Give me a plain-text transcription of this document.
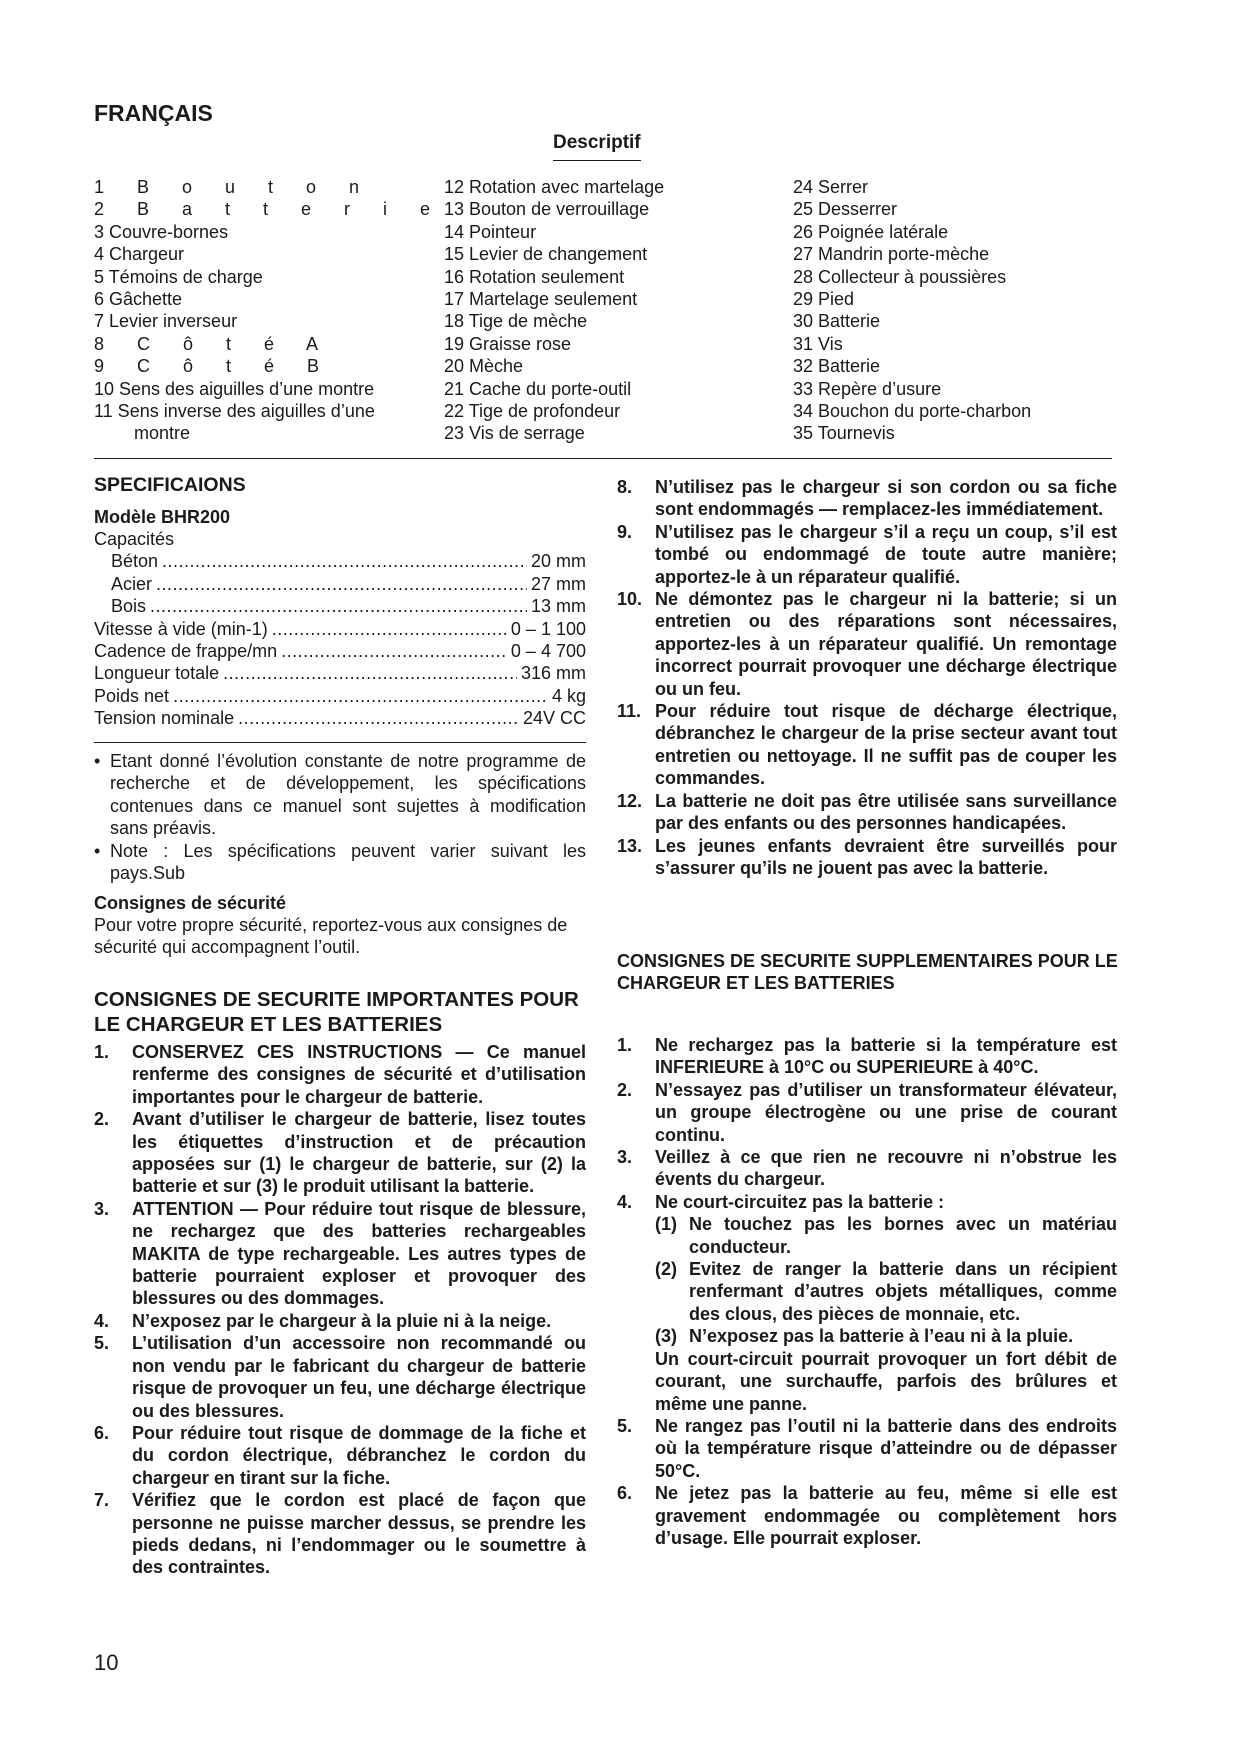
FRANÇAIS
Descriptif
1 B o u t o n
2 B a t t e r i e
3 Couvre-bornes
4 Chargeur
5 Témoins de charge
6 Gâchette
7 Levier inverseur
8 C ô t é A
9 C ô t é B
10 Sens des aiguilles d’une montre
11 Sens inverse des aiguilles d’une
montre
12 Rotation avec martelage
13 Bouton de verrouillage
14 Pointeur
15 Levier de changement
16 Rotation seulement
17 Martelage seulement
18 Tige de mèche
19 Graisse rose
20 Mèche
21 Cache du porte-outil
22 Tige de profondeur
23 Vis de serrage
24 Serrer
25 Desserrer
26 Poignée latérale
27 Mandrin porte-mèche
28 Collecteur à poussières
29 Pied
30 Batterie
31 Vis
32 Batterie
33 Repère d’usure
34 Bouchon du porte-charbon
35 Tournevis
SPECIFICAIONS
Modèle BHR200
Capacités
Béton .....	20 mm
Acier .....	27 mm
Bois .....	13 mm
Vitesse à vide (min-1) .....	0 – 1 100
Cadence de frappe/mn .....	0 – 4 700
Longueur totale .....	316 mm
Poids net .....	4 kg
Tension nominale .....	24V CC
• Etant donné l’évolution constante de notre programme de recherche et de développement, les spécifications contenues dans ce manuel sont sujettes à modification sans préavis.
• Note : Les spécifications peuvent varier suivant les pays.Sub
Consignes de sécurité
Pour votre propre sécurité, reportez-vous aux consignes de sécurité qui accompagnent l’outil.
CONSIGNES DE SECURITE IMPORTANTES POUR LE CHARGEUR ET LES BATTERIES
1. CONSERVEZ CES INSTRUCTIONS — Ce manuel renferme des consignes de sécurité et d’utilisation importantes pour le chargeur de batterie.
2. Avant d’utiliser le chargeur de batterie, lisez toutes les étiquettes d’instruction et de précaution apposées sur (1) le chargeur de batterie, sur (2) la batterie et sur (3) le produit utilisant la batterie.
3. ATTENTION — Pour réduire tout risque de blessure, ne rechargez que des batteries rechargeables MAKITA de type rechargeable. Les autres types de batterie pourraient exploser et provoquer des blessures ou des dommages.
4. N’exposez par le chargeur à la pluie ni à la neige.
5. L’utilisation d’un accessoire non recommandé ou non vendu par le fabricant du chargeur de batterie risque de provoquer un feu, une décharge électrique ou des blessures.
6. Pour réduire tout risque de dommage de la fiche et du cordon électrique, débranchez le cordon du chargeur en tirant sur la fiche.
7. Vérifiez que le cordon est placé de façon que personne ne puisse marcher dessus, se prendre les pieds dedans, ni l’endommager ou le soumettre à des contraintes.
8. N’utilisez pas le chargeur si son cordon ou sa fiche sont endommagés — remplacez-les immédiatement.
9. N’utilisez pas le chargeur s’il a reçu un coup, s’il est tombé ou endommagé de toute autre manière; apportez-le à un réparateur qualifié.
10. Ne démontez pas le chargeur ni la batterie; si un entretien ou des réparations sont nécessaires, apportez-les à un réparateur qualifié. Un remontage incorrect pourrait provoquer une décharge électrique ou un feu.
11. Pour réduire tout risque de décharge électrique, débranchez le chargeur de la prise secteur avant tout entretien ou nettoyage. Il ne suffit pas de couper les commandes.
12. La batterie ne doit pas être utilisée sans surveillance par des enfants ou des personnes handicapées.
13. Les jeunes enfants devraient être surveillés pour s’assurer qu’ils ne jouent pas avec la batterie.
CONSIGNES DE SECURITE SUPPLEMENTAIRES POUR LE CHARGEUR ET LES BATTERIES
1. Ne rechargez pas la batterie si la température est INFERIEURE à 10°C ou SUPERIEURE à 40°C.
2. N’essayez pas d’utiliser un transformateur élévateur, un groupe électrogène ou une prise de courant continu.
3. Veillez à ce que rien ne recouvre ni n’obstrue les évents du chargeur.
4. Ne court-circuitez pas la batterie :
(1) Ne touchez pas les bornes avec un matériau conducteur.
(2) Evitez de ranger la batterie dans un récipient renfermant d’autres objets métalliques, comme des clous, des pièces de monnaie, etc.
(3) N’exposez pas la batterie à l’eau ni à la pluie.
Un court-circuit pourrait provoquer un fort débit de courant, une surchauffe, parfois des brûlures et même une panne.
5. Ne rangez pas l’outil ni la batterie dans des endroits où la température risque d’atteindre ou de dépasser 50°C.
6. Ne jetez pas la batterie au feu, même si elle est gravement endommagée ou complètement hors d’usage. Elle pourrait exploser.
10
